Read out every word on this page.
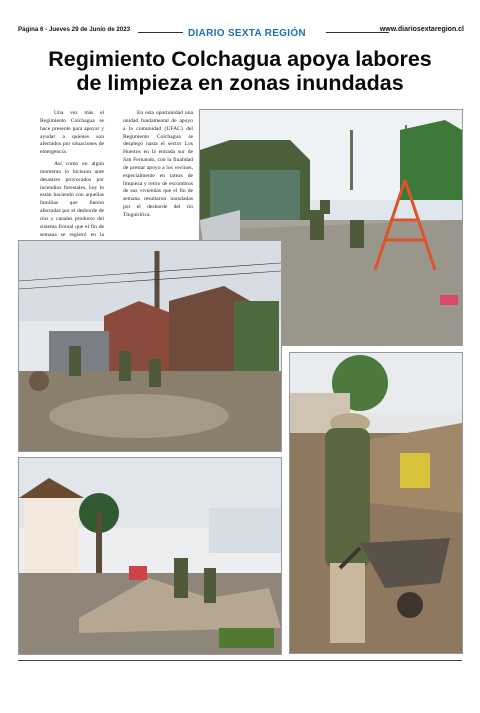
Página 6 - Jueves 29 de Junio de 2023	DIARIO SEXTA REGIÓN	www.diariosextaregion.cl
Regimiento Colchagua apoya labores
de limpieza en zonas inundadas

Una vez más el Regimiento Colchagua se hace presente para apoyar y ayudar a quienes son afectados por situaciones de emergencia.

Así como en algún momento lo hicieron ante desastres provocados por incendios forestales, hoy lo están haciendo con aquellas familias que fueron afectadas por el desborde de ríos y canales producto del sistema frontal que el fin de semana se registró en la

En esta oportunidad una unidad fundamental de apoyo a la comunidad (UFAC) del Regimiento Colchagua se desplegó hasta el sector Los Huertos en la entrada sur de San Fernando, con la finalidad de prestar apoyo a los vecinos, especialmente en tareas de limpieza y retiro de escombros de sus viviendas que el fin de semana resultaron inundadas por el desborde del río Tinguiririca.
